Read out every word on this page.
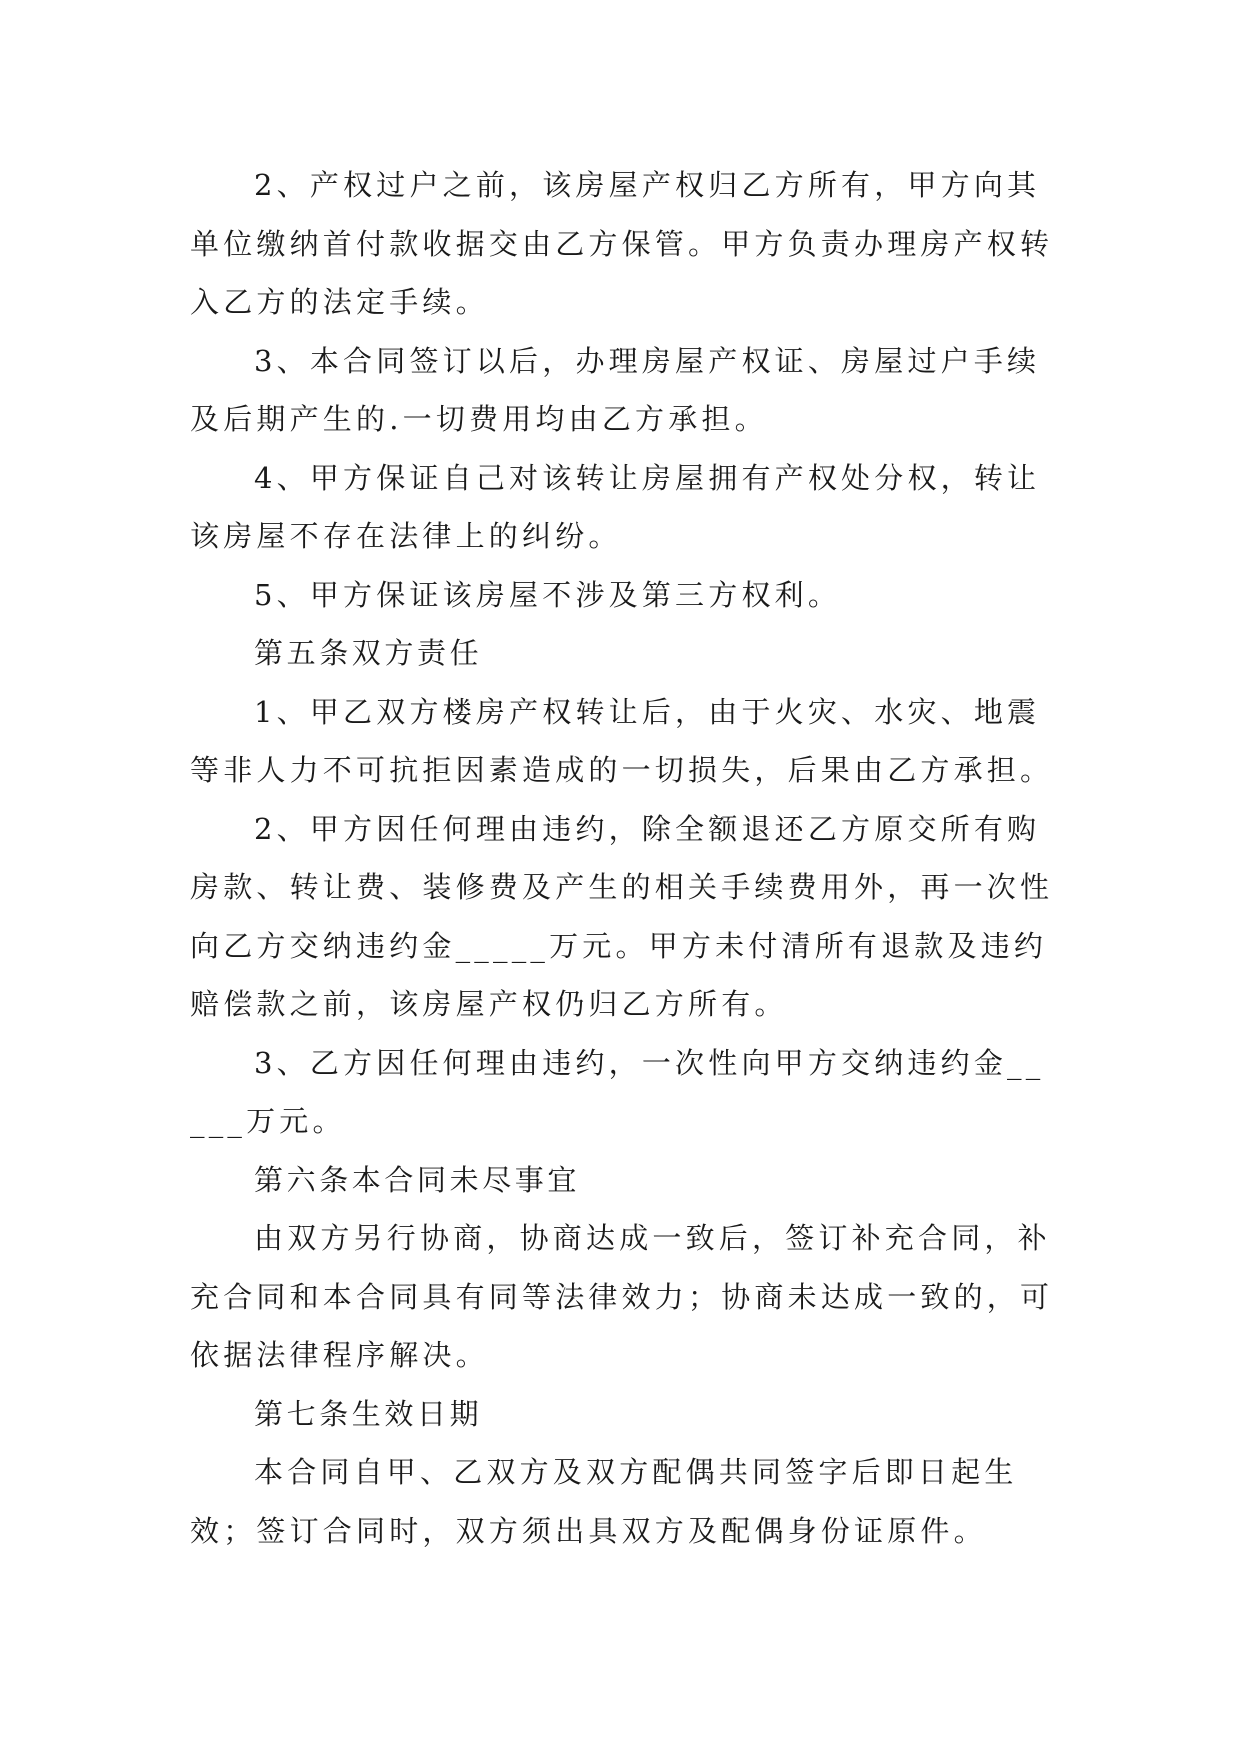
2、产权过户之前，该房屋产权归乙方所有，甲方向其单位缴纳首付款收据交由乙方保管。甲方负责办理房产权转入乙方的法定手续。

3、本合同签订以后，办理房屋产权证、房屋过户手续及后期产生的.一切费用均由乙方承担。

4、甲方保证自己对该转让房屋拥有产权处分权，转让该房屋不存在法律上的纠纷。

5、甲方保证该房屋不涉及第三方权利。

第五条双方责任

1、甲乙双方楼房产权转让后，由于火灾、水灾、地震等非人力不可抗拒因素造成的一切损失，后果由乙方承担。

2、甲方因任何理由违约，除全额退还乙方原交所有购房款、转让费、装修费及产生的相关手续费用外，再一次性向乙方交纳违约金_____万元。甲方未付清所有退款及违约赔偿款之前，该房屋产权仍归乙方所有。

3、乙方因任何理由违约，一次性向甲方交纳违约金_____万元。

第六条本合同未尽事宜

由双方另行协商，协商达成一致后，签订补充合同，补充合同和本合同具有同等法律效力；协商未达成一致的，可依据法律程序解决。

第七条生效日期

本合同自甲、乙双方及双方配偶共同签字后即日起生效；签订合同时，双方须出具双方及配偶身份证原件。
